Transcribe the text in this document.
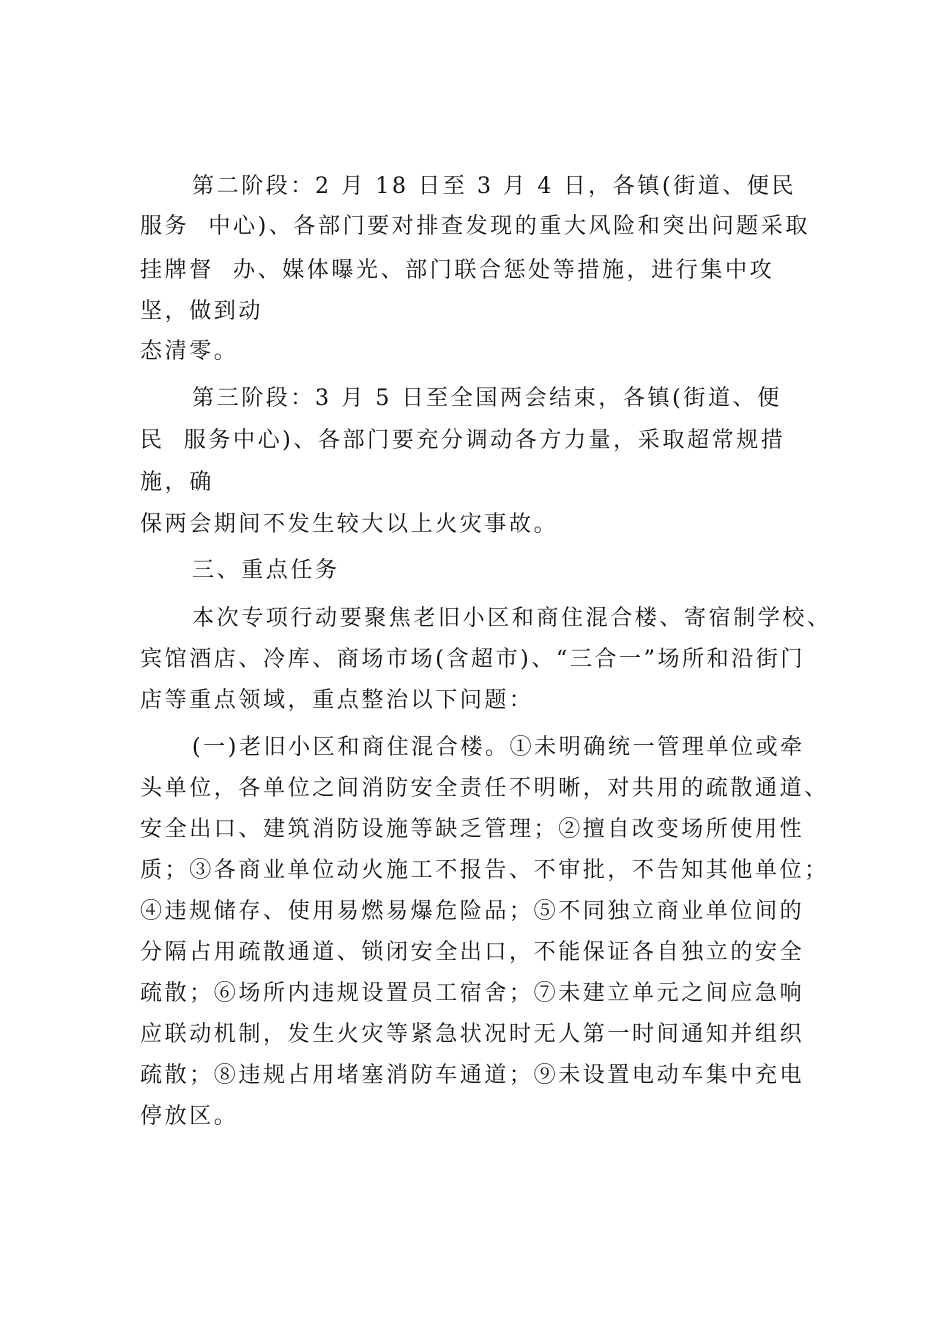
第二阶段：2 月 18 日至 3 月 4 日，各镇(街道、便民
服务  中心)、各部门要对排查发现的重大风险和突出问题采取
挂牌督  办、媒体曝光、部门联合惩处等措施，进行集中攻
坚，做到动
态清零。
第三阶段：3 月 5 日至全国两会结束，各镇(街道、便
民  服务中心)、各部门要充分调动各方力量，采取超常规措
施，确
保两会期间不发生较大以上火灾事故。
三、重点任务
本次专项行动要聚焦老旧小区和商住混合楼、寄宿制学校、
宾馆酒店、冷库、商场市场(含超市)、“三合一”场所和沿街门
店等重点领域，重点整治以下问题：
(一)老旧小区和商住混合楼。①未明确统一管理单位或牵
头单位，各单位之间消防安全责任不明晰，对共用的疏散通道、
安全出口、建筑消防设施等缺乏管理；②擅自改变场所使用性
质；③各商业单位动火施工不报告、不审批，不告知其他单位；
④违规储存、使用易燃易爆危险品；⑤不同独立商业单位间的
分隔占用疏散通道、锁闭安全出口，不能保证各自独立的安全
疏散；⑥场所内违规设置员工宿舍；⑦未建立单元之间应急响
应联动机制，发生火灾等紧急状况时无人第一时间通知并组织
疏散；⑧违规占用堵塞消防车通道；⑨未设置电动车集中充电
停放区。
